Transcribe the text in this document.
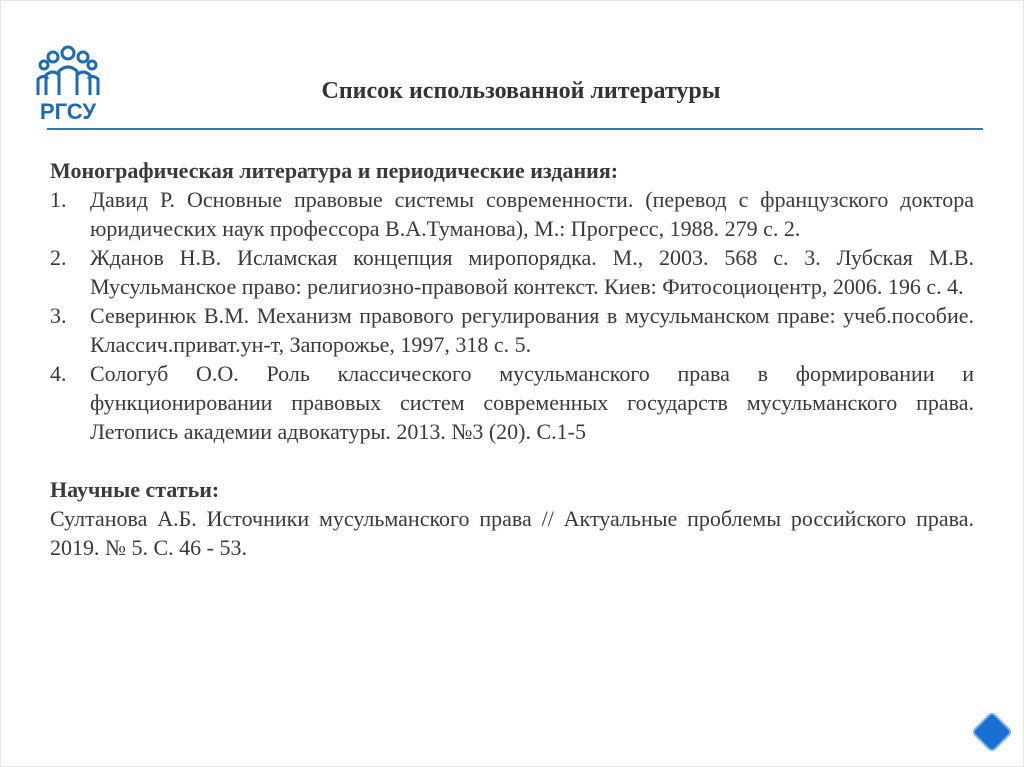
РГСУ
Список использованной литературы
Монографическая литература и периодические издания:
1. Давид Р. Основные правовые системы современности. (перевод с французского доктора юридических наук профессора В.А.Туманова), М.: Прогресс, 1988. 279 с. 2.
2. Жданов Н.В. Исламская концепция миропорядка. М., 2003. 568 с. 3. Лубская М.В. Мусульманское право: религиозно-правовой контекст. Киев: Фитосоциоцентр, 2006. 196 с. 4.
3. Северинюк В.М. Механизм правового регулирования в мусульманском праве: учеб.пособие. Классич.приват.ун-т, Запорожье, 1997, 318 с. 5.
4. Сологуб О.О. Роль классического мусульманского права в формировании и функционировании правовых систем современных государств мусульманского права. Летопись академии адвокатуры. 2013. №3 (20). С.1-5
Научные статьи:
Султанова А.Б. Источники мусульманского права // Актуальные проблемы российского права. 2019. № 5. С. 46 - 53.
